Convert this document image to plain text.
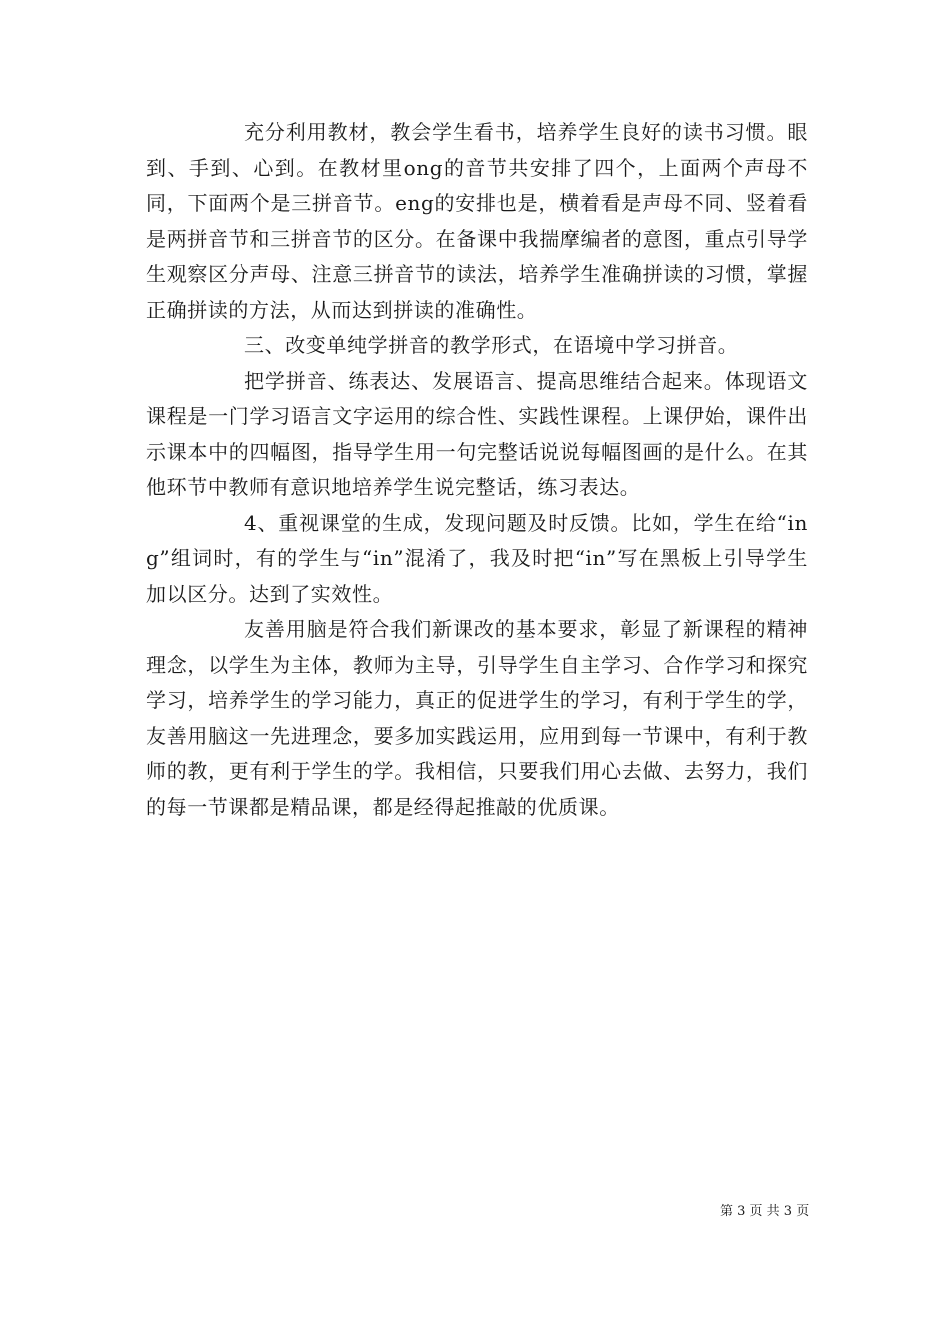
充分利用教材，教会学生看书，培养学生良好的读书习惯。眼到、手到、心到。在教材里ong的音节共安排了四个，上面两个声母不同，下面两个是三拼音节。eng的安排也是，横着看是声母不同、竖着看是两拼音节和三拼音节的区分。在备课中我揣摩编者的意图，重点引导学生观察区分声母、注意三拼音节的读法，培养学生准确拼读的习惯，掌握正确拼读的方法，从而达到拼读的准确性。

三、改变单纯学拼音的教学形式，在语境中学习拼音。

把学拼音、练表达、发展语言、提高思维结合起来。体现语文课程是一门学习语言文字运用的综合性、实践性课程。上课伊始，课件出示课本中的四幅图，指导学生用一句完整话说说每幅图画的是什么。在其他环节中教师有意识地培养学生说完整话，练习表达。

4、重视课堂的生成，发现问题及时反馈。比如，学生在给“ing”组词时，有的学生与“in”混淆了，我及时把“in”写在黑板上引导学生加以区分。达到了实效性。

友善用脑是符合我们新课改的基本要求，彰显了新课程的精神理念，以学生为主体，教师为主导，引导学生自主学习、合作学习和探究学习，培养学生的学习能力，真正的促进学生的学习，有利于学生的学，友善用脑这一先进理念，要多加实践运用，应用到每一节课中，有利于教师的教，更有利于学生的学。我相信，只要我们用心去做、去努力，我们的每一节课都是精品课，都是经得起推敲的优质课。

第 3 页 共 3 页
